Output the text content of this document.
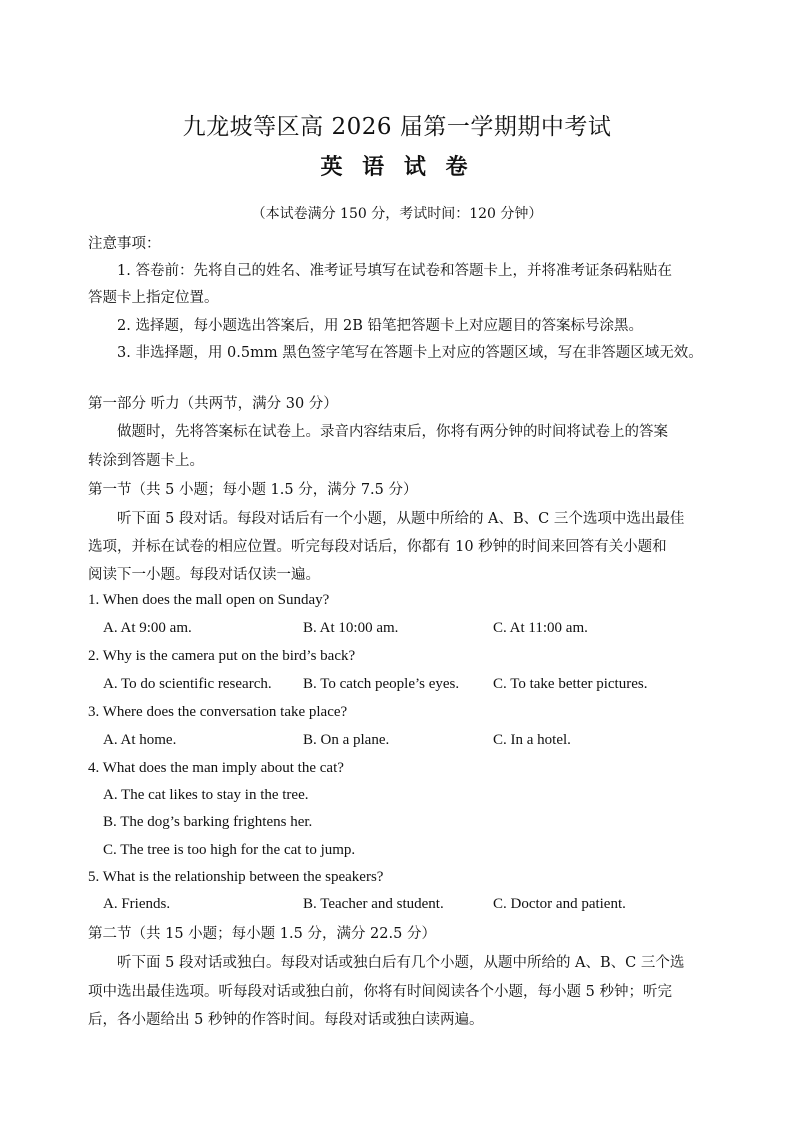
九龙坡等区高 2026 届第一学期期中考试
英 语 试 卷
（本试卷满分 150 分，考试时间：120 分钟）
注意事项：
1. 答卷前：先将自己的姓名、准考证号填写在试卷和答题卡上，并将准考证条码粘贴在
答题卡上指定位置。
2. 选择题，每小题选出答案后，用 2B 铅笔把答题卡上对应题目的答案标号涂黑。
3. 非选择题，用 0.5mm 黑色签字笔写在答题卡上对应的答题区域，写在非答题区域无效。
第一部分 听力（共两节，满分 30 分）
做题时，先将答案标在试卷上。录音内容结束后，你将有两分钟的时间将试卷上的答案
转涂到答题卡上。
第一节（共 5 小题；每小题 1.5 分，满分 7.5 分）
听下面 5 段对话。每段对话后有一个小题，从题中所给的 A、B、C 三个选项中选出最佳
选项，并标在试卷的相应位置。听完每段对话后，你都有 10 秒钟的时间来回答有关小题和
阅读下一小题。每段对话仅读一遍。
1. When does the mall open on Sunday?
A. At 9:00 am.	B. At 10:00 am.	C. At 11:00 am.
2. Why is the camera put on the bird’s back?
A. To do scientific research. B. To catch people’s eyes. C. To take better pictures.
3. Where does the conversation take place?
A. At home.	B. On a plane.	C. In a hotel.
4. What does the man imply about the cat?
A. The cat likes to stay in the tree.
B. The dog’s barking frightens her.
C. The tree is too high for the cat to jump.
5. What is the relationship between the speakers?
A. Friends.	B. Teacher and student.	C. Doctor and patient.
第二节（共 15 小题；每小题 1.5 分，满分 22.5 分）
听下面 5 段对话或独白。每段对话或独白后有几个小题，从题中所给的 A、B、C 三个选
项中选出最佳选项。听每段对话或独白前，你将有时间阅读各个小题，每小题 5 秒钟；听完
后，各小题给出 5 秒钟的作答时间。每段对话或独白读两遍。
